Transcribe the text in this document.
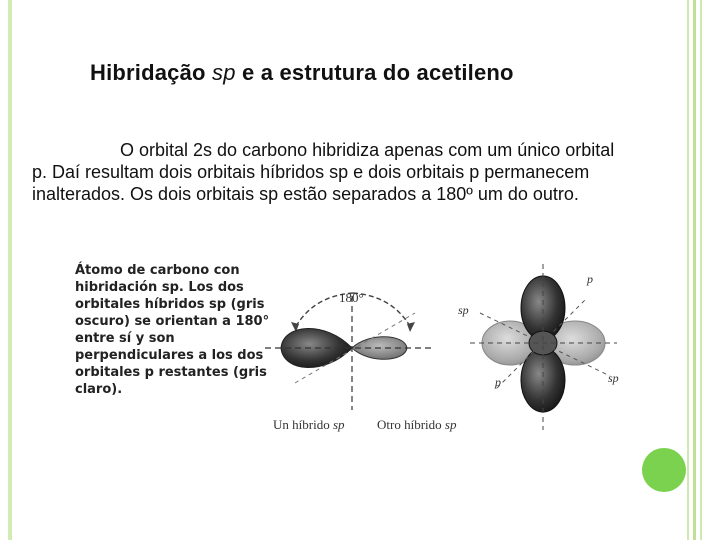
Hibridação sp e a estrutura do acetileno
O orbital 2s do carbono hibridiza apenas com um único orbital
p. Daí resultam dois orbitais híbridos sp e dois orbitais p permanecem
inalterados. Os dois orbitais sp estão separados a 180º um do outro.
Átomo de carbono con
hibridación sp. Los dos
orbitales híbridos sp (gris
oscuro) se orientan a 180°
entre sí y son
perpendiculares a los dos
orbitales p restantes (gris
claro).
180°
p
sp
p	sp
Un híbrido sp Otro híbrido sp
